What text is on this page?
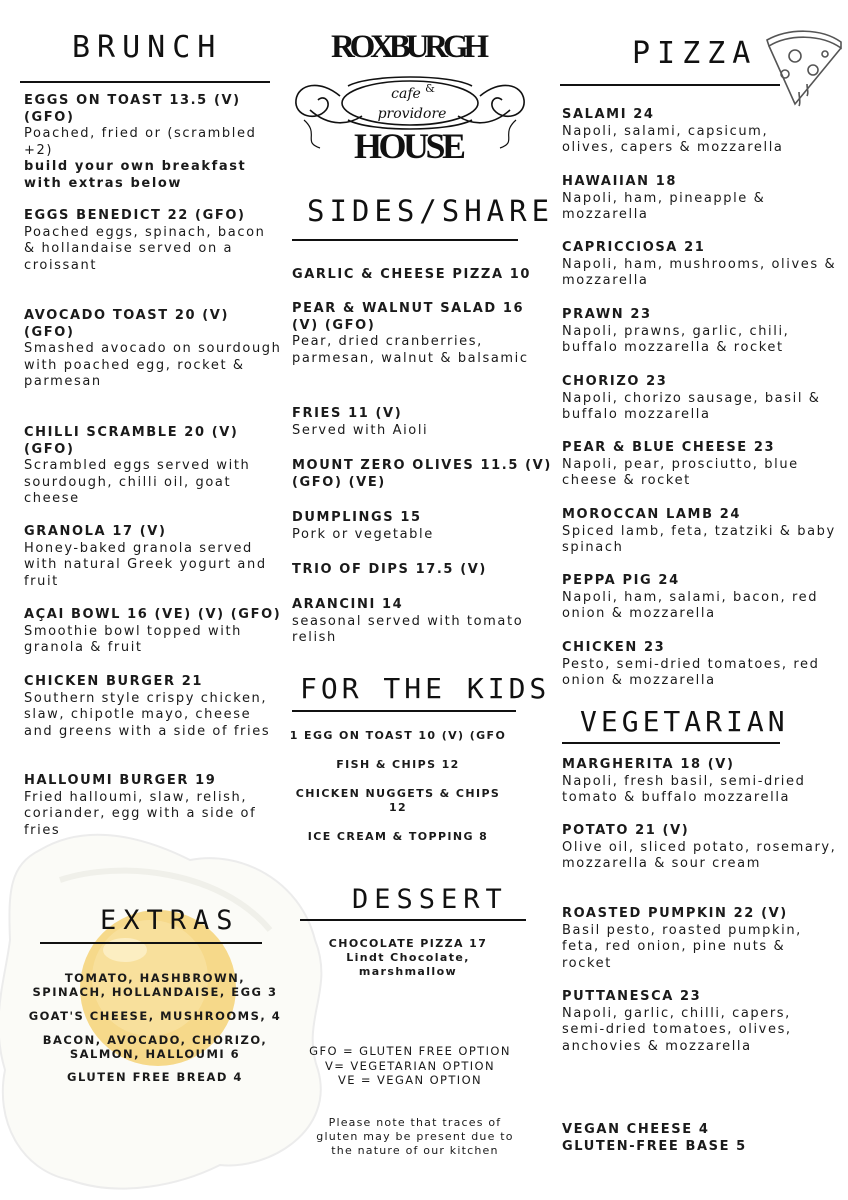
BRUNCH
EGGS ON TOAST 13.5 (V) (GFO)
Poached, fried or (scrambled +2)
build your own breakfast with extras below
EGGS BENEDICT 22 (GFO)
Poached eggs, spinach, bacon
& hollandaise served on a croissant
AVOCADO TOAST 20 (V) (GFO)
Smashed avocado on sourdough
with poached egg, rocket & parmesan
CHILLI SCRAMBLE 20 (V) (GFO)
Scrambled eggs served with sourdough, chilli oil, goat cheese
GRANOLA 17 (V)
Honey-baked granola served with natural Greek yogurt and fruit
AÇAI BOWL 16 (VE) (V) (GFO)
Smoothie bowl topped with granola & fruit
CHICKEN BURGER 21
Southern style crispy chicken, slaw, chipotle mayo, cheese and greens with a side of fries
HALLOUMI BURGER 19
Fried halloumi, slaw, relish, coriander, egg with a side of fries
EXTRAS
TOMATO, HASHBROWN,
SPINACH, HOLLANDAISE, EGG 3
GOAT'S CHEESE, MUSHROOMS, 4
BACON, AVOCADO, CHORIZO,
SALMON, HALLOUMI 6
GLUTEN FREE BREAD 4
ROXBURGH
cafe &
providore
HOUSE
SIDES/SHARE
GARLIC & CHEESE PIZZA 10
PEAR & WALNUT SALAD 16 (V) (GFO)
Pear, dried cranberries, parmesan, walnut & balsamic
FRIES 11 (V)
Served with Aioli
MOUNT ZERO OLIVES 11.5 (V) (GFO) (VE)
DUMPLINGS 15
Pork or vegetable
TRIO OF DIPS 17.5 (V)
ARANCINI 14
seasonal served with tomato relish
FOR THE KIDS
1 EGG ON TOAST 10 (V) (GFO
FISH & CHIPS 12
CHICKEN NUGGETS & CHIPS
12
ICE CREAM & TOPPING 8
DESSERT
CHOCOLATE PIZZA 17
Lindt Chocolate,
marshmallow
GFO = GLUTEN FREE OPTION
V= VEGETARIAN OPTION
VE = VEGAN OPTION
Please note that traces of
gluten may be present due to
the nature of our kitchen
PIZZA
SALAMI 24
Napoli, salami, capsicum,
olives, capers & mozzarella
HAWAIIAN 18
Napoli, ham, pineapple & mozzarella
CAPRICCIOSA 21
Napoli, ham, mushrooms, olives & mozzarella
PRAWN 23
Napoli, prawns, garlic, chili, buffalo mozzarella & rocket
CHORIZO 23
Napoli, chorizo sausage, basil & buffalo mozzarella
PEAR & BLUE CHEESE 23
Napoli, pear, prosciutto, blue cheese & rocket
MOROCCAN LAMB 24
Spiced lamb, feta, tzatziki & baby spinach
PEPPA PIG 24
Napoli, ham, salami, bacon, red onion & mozzarella
CHICKEN 23
Pesto, semi-dried tomatoes, red onion & mozzarella
VEGETARIAN
MARGHERITA 18 (V)
Napoli, fresh basil, semi-dried tomato & buffalo mozzarella
POTATO 21 (V)
Olive oil, sliced potato, rosemary, mozzarella & sour cream
ROASTED PUMPKIN 22 (V)
Basil pesto, roasted pumpkin, feta, red onion, pine nuts & rocket
PUTTANESCA 23
Napoli, garlic, chilli, capers, semi-dried tomatoes, olives, anchovies & mozzarella
VEGAN CHEESE 4
GLUTEN-FREE BASE 5
